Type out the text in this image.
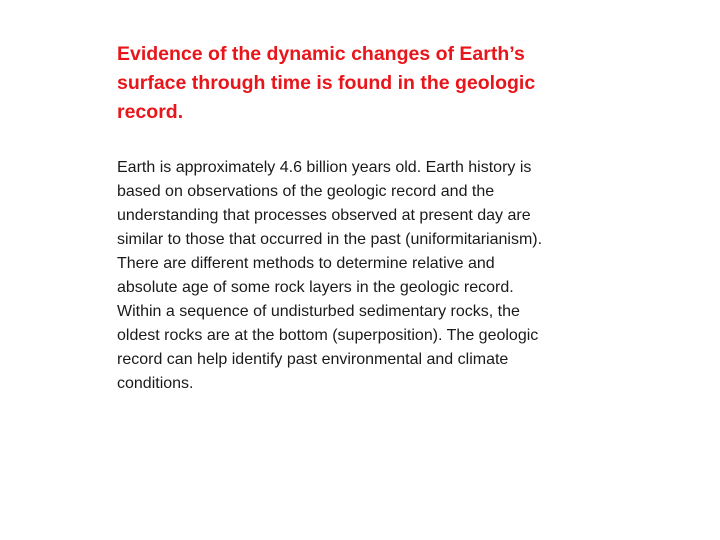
Evidence of the dynamic changes of Earth’s
surface through time is found in the geologic
record.

Earth is approximately 4.6 billion years old. Earth history is
based on observations of the geologic record and the
understanding that processes observed at present day are
similar to those that occurred in the past (uniformitarianism).
There are different methods to determine relative and
absolute age of some rock layers in the geologic record.
Within a sequence of undisturbed sedimentary rocks, the
oldest rocks are at the bottom (superposition). The geologic
record can help identify past environmental and climate
conditions.
